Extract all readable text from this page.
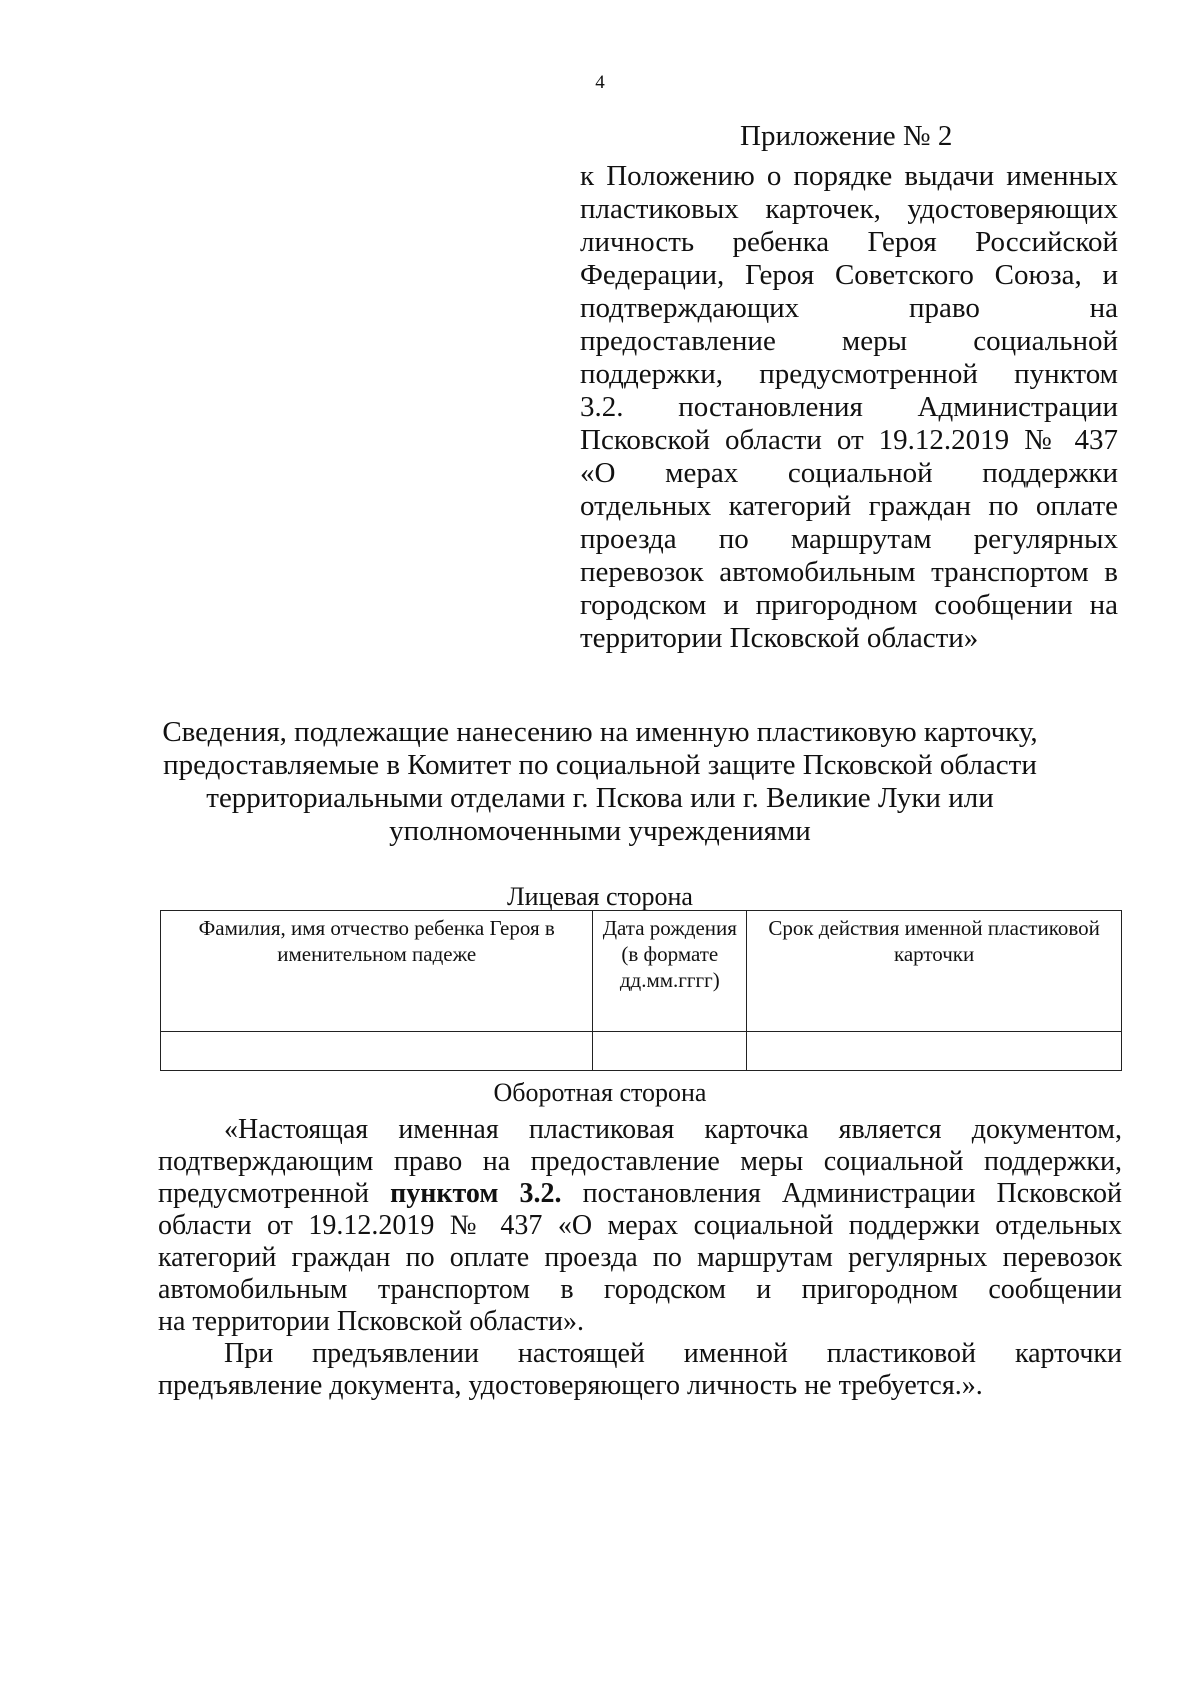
4
Приложение № 2
к Положению о порядке выдачи именных
пластиковых карточек, удостоверяющих
личность ребенка Героя Российской
Федерации, Героя Советского Союза, и
подтверждающих право на
предоставление меры социальной
поддержки, предусмотренной пунктом
3.2. постановления Администрации
Псковской области от 19.12.2019 № 437
«О мерах социальной поддержки
отдельных категорий граждан по оплате
проезда по маршрутам регулярных
перевозок автомобильным транспортом в
городском и пригородном сообщении на
территории Псковской области»
Сведения, подлежащие нанесению на именную пластиковую карточку,
предоставляемые в Комитет по социальной защите Псковской области
территориальными отделами г. Пскова или г. Великие Луки или
уполномоченными учреждениями
Лицевая сторона
Фамилия, имя отчество ребенка Героя в именительном падеже	Дата рождения (в формате дд.мм.гггг)	Срок действия именной пластиковой карточки

Оборотная сторона

«Настоящая именная пластиковая карточка является документом,
подтверждающим право на предоставление меры социальной поддержки,
предусмотренной пунктом 3.2. постановления Администрации Псковской
области от 19.12.2019 № 437 «О мерах социальной поддержки отдельных
категорий граждан по оплате проезда по маршрутам регулярных перевозок
автомобильным транспортом в городском и пригородном сообщении
на территории Псковской области».

При предъявлении настоящей именной пластиковой карточки
предъявление документа, удостоверяющего личность не требуется.».
